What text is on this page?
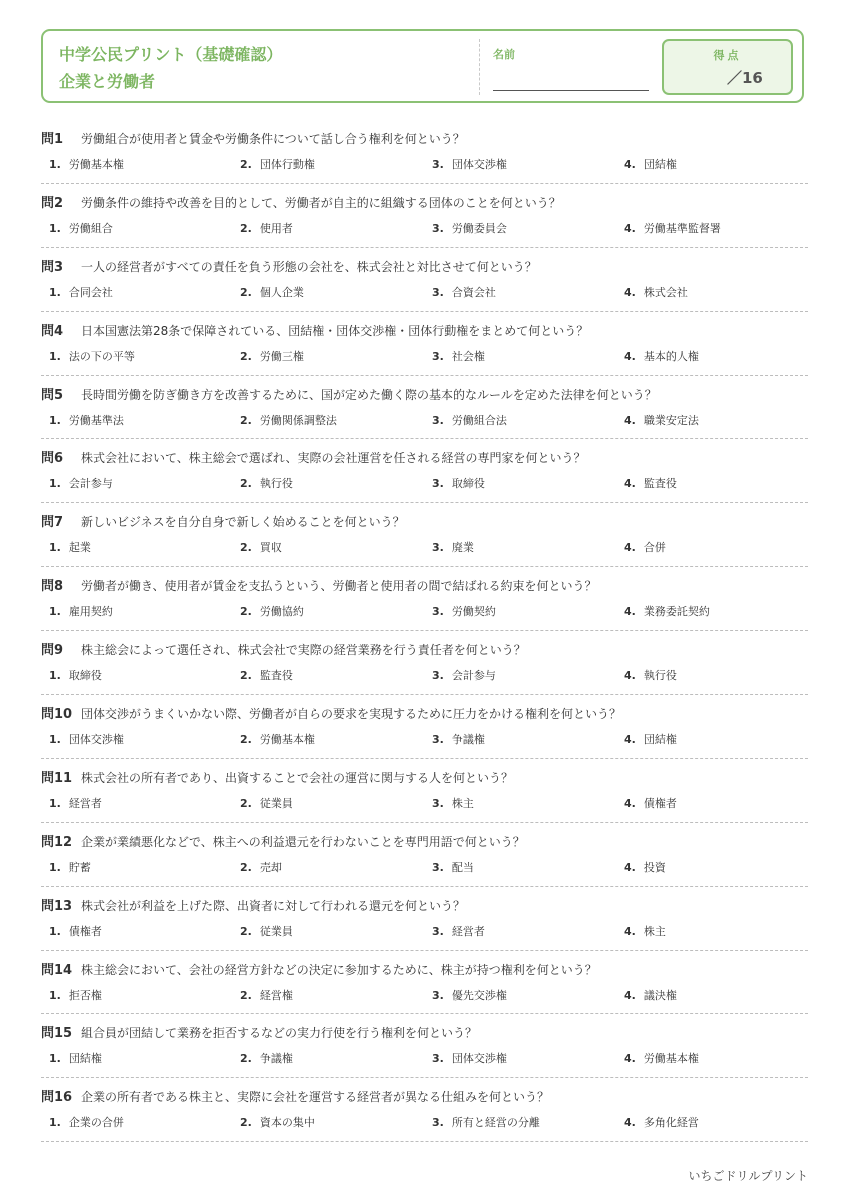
中学公民プリント（基礎確認）
企業と労働者
名前	得点
／16
問1 労働組合が使用者と賃金や労働条件について話し合う権利を何という？
1. 労働基本権	2. 団体行動権	3. 団体交渉権	4. 団結権
問2 労働条件の維持や改善を目的として、労働者が自主的に組織する団体のことを何という？
1. 労働組合	2. 使用者	3. 労働委員会	4. 労働基準監督署
問3 一人の経営者がすべての責任を負う形態の会社を、株式会社と対比させて何という？
1. 合同会社	2. 個人企業	3. 合資会社	4. 株式会社
問4 日本国憲法第28条で保障されている、団結権・団体交渉権・団体行動権をまとめて何という？
1. 法の下の平等	2. 労働三権	3. 社会権	4. 基本的人権
問5 長時間労働を防ぎ働き方を改善するために、国が定めた働く際の基本的なルールを定めた法律を何という？
1. 労働基準法	2. 労働関係調整法	3. 労働組合法	4. 職業安定法
問6 株式会社において、株主総会で選ばれ、実際の会社運営を任される経営の専門家を何という？
1. 会計参与	2. 執行役	3. 取締役	4. 監査役
問7 新しいビジネスを自分自身で新しく始めることを何という？
1. 起業	2. 買収	3. 廃業	4. 合併
問8 労働者が働き、使用者が賃金を支払うという、労働者と使用者の間で結ばれる約束を何という？
1. 雇用契約	2. 労働協約	3. 労働契約	4. 業務委託契約
問9 株主総会によって選任され、株式会社で実際の経営業務を行う責任者を何という？
1. 取締役	2. 監査役	3. 会計参与	4. 執行役
問10 団体交渉がうまくいかない際、労働者が自らの要求を実現するために圧力をかける権利を何という？
1. 団体交渉権	2. 労働基本権	3. 争議権	4. 団結権
問11 株式会社の所有者であり、出資することで会社の運営に関与する人を何という？
1. 経営者	2. 従業員	3. 株主	4. 債権者
問12 企業が業績悪化などで、株主への利益還元を行わないことを専門用語で何という？
1. 貯蓄	2. 売却	3. 配当	4. 投資
問13 株式会社が利益を上げた際、出資者に対して行われる還元を何という？
1. 債権者	2. 従業員	3. 経営者	4. 株主
問14 株主総会において、会社の経営方針などの決定に参加するために、株主が持つ権利を何という？
1. 拒否権	2. 経営権	3. 優先交渉権	4. 議決権
問15 組合員が団結して業務を拒否するなどの実力行使を行う権利を何という？
1. 団結権	2. 争議権	3. 団体交渉権	4. 労働基本権
問16 企業の所有者である株主と、実際に会社を運営する経営者が異なる仕組みを何という？
1. 企業の合併	2. 資本の集中	3. 所有と経営の分離	4. 多角化経営
いちごドリルプリント
